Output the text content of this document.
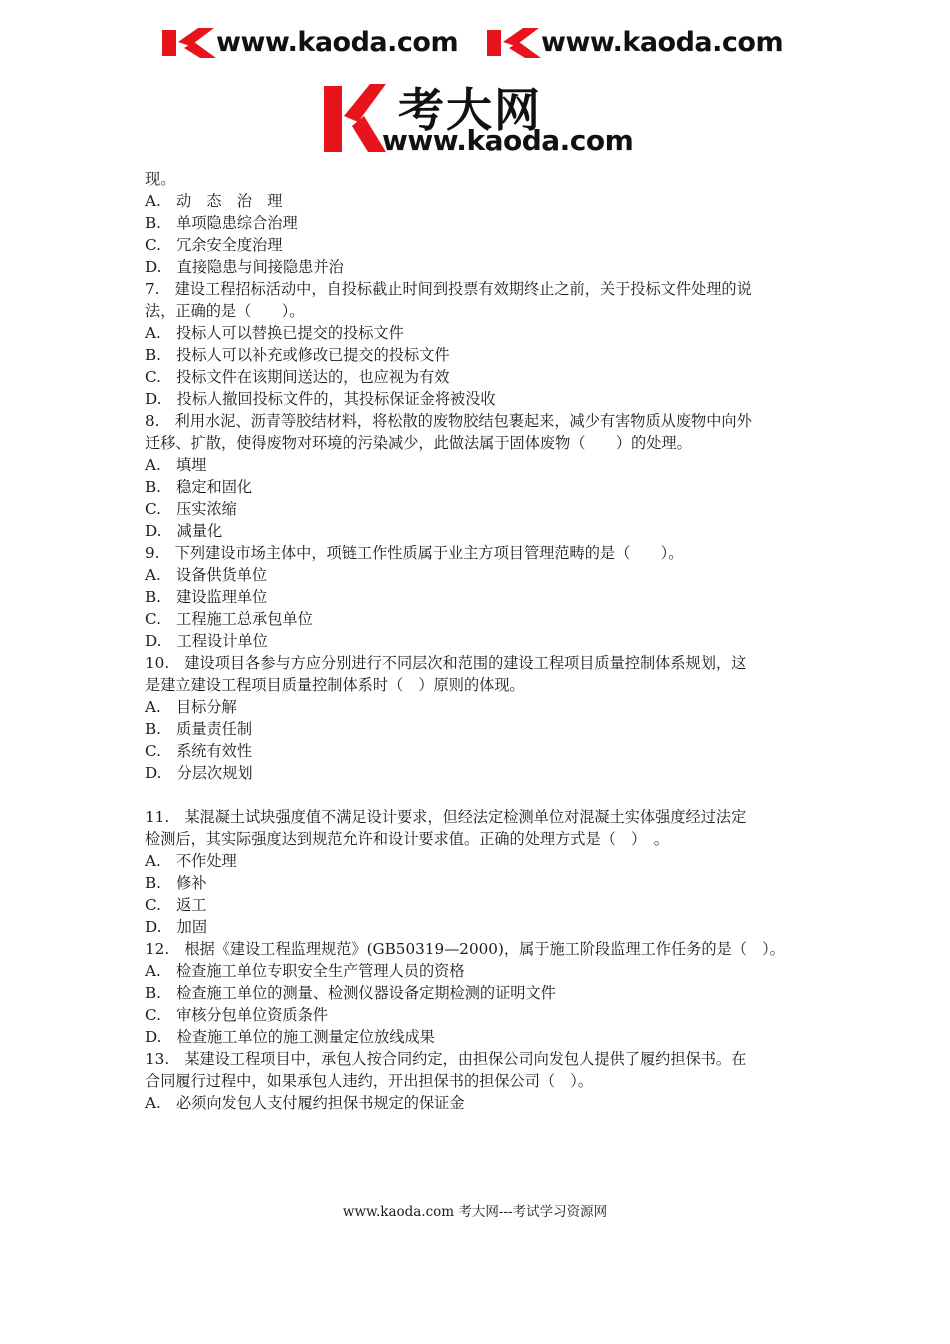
www.kaoda.com	www.kaoda.com
考大网
www.kaoda.com
现。
A.　动　态　治　理
B.　单项隐患综合治理
C.　冗余安全度治理
D.　直接隐患与间接隐患并治
7.　建设工程招标活动中，自投标截止时间到投票有效期终止之前，关于投标文件处理的说
法，正确的是（　　）。
A.　投标人可以替换已提交的投标文件
B.　投标人可以补充或修改已提交的投标文件
C.　投标文件在该期间送达的，也应视为有效
D.　投标人撤回投标文件的，其投标保证金将被没收
8.　利用水泥、沥青等胶结材料，将松散的废物胶结包裹起来，减少有害物质从废物中向外
迁移、扩散，使得废物对环境的污染减少，此做法属于固体废物（　　）的处理。
A.　填埋
B.　稳定和固化
C.　压实浓缩
D.　减量化
9.　下列建设市场主体中，项链工作性质属于业主方项目管理范畴的是（　　）。
A.　设备供货单位
B.　建设监理单位
C.　工程施工总承包单位
D.　工程设计单位
10.　建设项目各参与方应分别进行不同层次和范围的建设工程项目质量控制体系规划，这
是建立建设工程项目质量控制体系时（　）原则的体现。
A.　目标分解
B.　质量责任制
C.　系统有效性
D.　分层次规划
11.　某混凝土试块强度值不满足设计要求，但经法定检测单位对混凝土实体强度经过法定
检测后，其实际强度达到规范允许和设计要求值。正确的处理方式是（　）　。
A.　不作处理
B.　修补
C.　返工
D.　加固
12.　根据《建设工程监理规范》(GB50319—2000)，属于施工阶段监理工作任务的是（　）。
A.　检查施工单位专职安全生产管理人员的资格
B.　检查施工单位的测量、检测仪器设备定期检测的证明文件
C.　审核分包单位资质条件
D.　检查施工单位的施工测量定位放线成果
13.　某建设工程项目中，承包人按合同约定，由担保公司向发包人提供了履约担保书。在
合同履行过程中，如果承包人违约，开出担保书的担保公司（　）。
A.　必须向发包人支付履约担保书规定的保证金
www.kaoda.com 考大网---考试学习资源网
